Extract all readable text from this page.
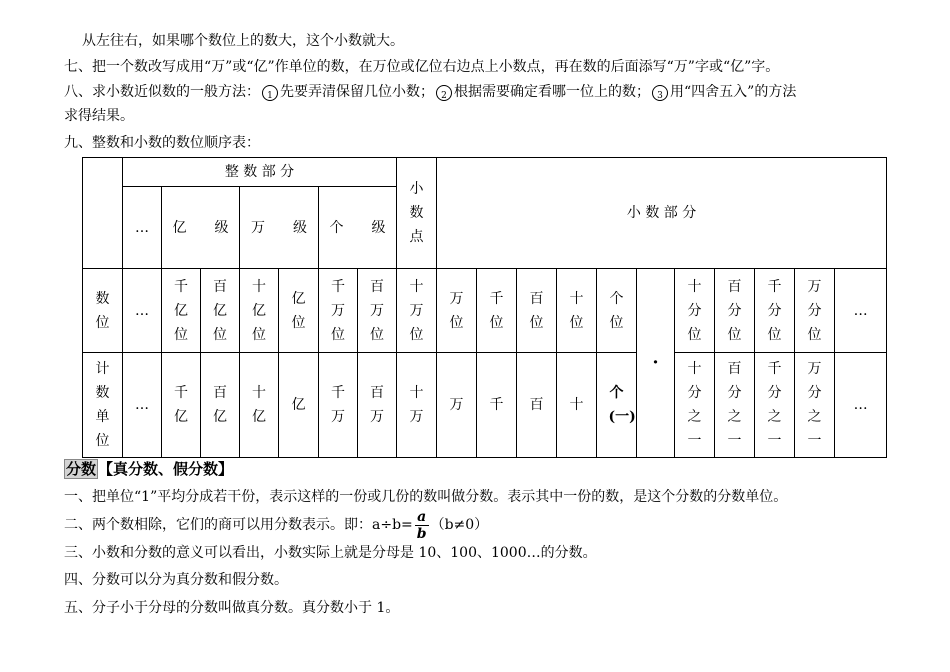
从左往右，如果哪个数位上的数大，这个小数就大。
七、把一个数改写成用“万”或“亿”作单位的数，在万位或亿位右边点上小数点，再在数的后面添写“万”字或“亿”字。
八、求小数近似数的一般方法： 1 先要弄清保留几位小数； 2 根据需要确定看哪一位上的数； 3 用“四舍五入”的方法
求得结果。
九、整数和小数的数位顺序表：
	整 数 部 分							小数点	小 数 部 分										
	…	亿　　级		万　　级		个　　级													
数位	…	千亿位	百亿位	十亿位	亿位	千万位	百万位	十万位	万位	千位	百位	十位	个位	·	十分位	百分位	千分位	万分位	…
计数单位	…	千亿	百亿	十亿	亿	千万	百万	十万	万	千	百	十	个(一)		十分之一	百分之一	千分之一	万分之一	…
分数 【真分数、假分数】
一、把单位“1”平均分成若干份，表示这样的一份或几份的数叫做分数。表示其中一份的数，是这个分数的分数单位。
二、两个数相除，它们的商可以用分数表示。即：$a\div b= \frac{a}{b} (b\ne 0)$
三、小数和分数的意义可以看出，小数实际上就是分母是 10、100、1000…的分数。
四、分数可以分为真分数和假分数。
五、分子小于分母的分数叫做真分数。真分数小于 1。
